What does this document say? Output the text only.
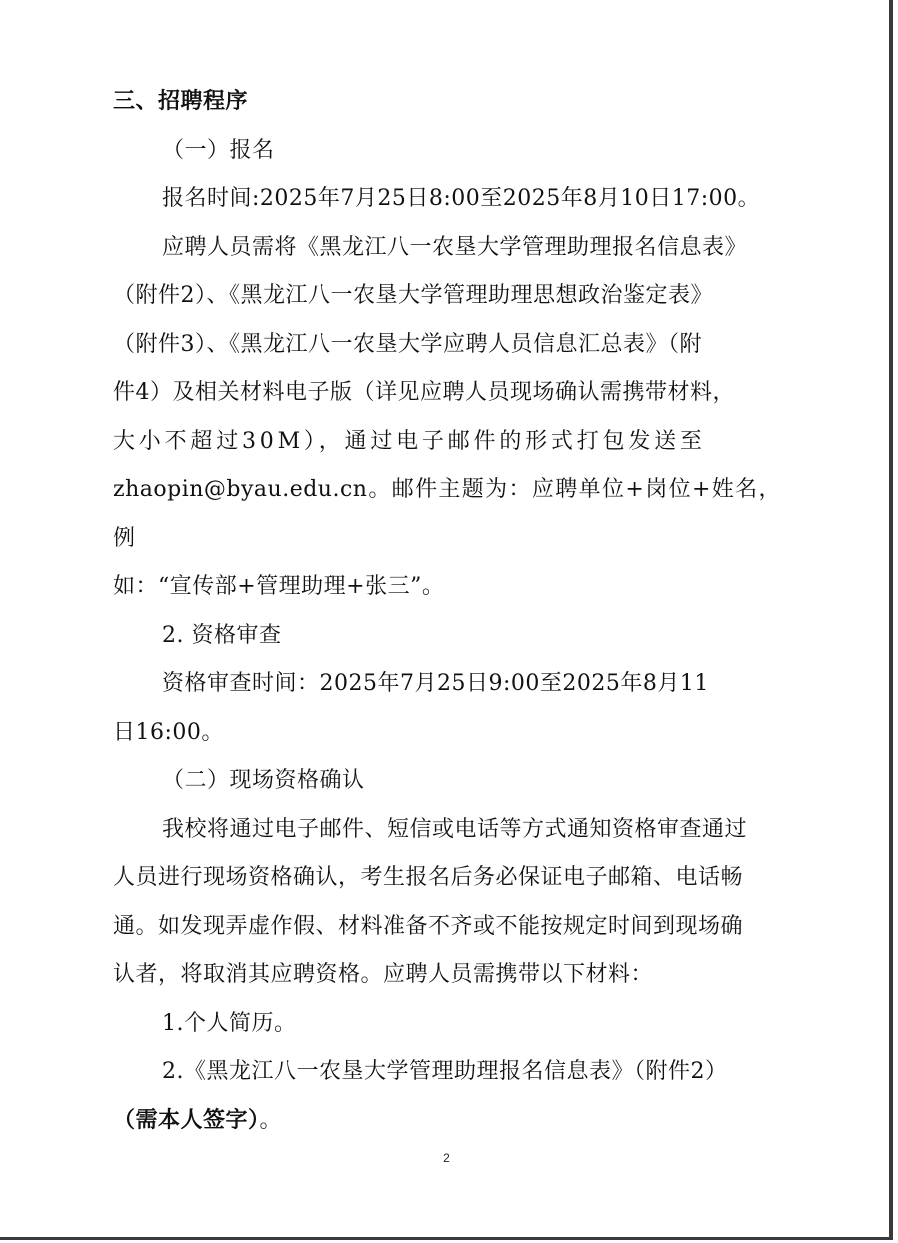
三、招聘程序

（一）报名

报名时间:2025年7月25日8:00至2025年8月10日17:00。

应聘人员需将《黑龙江八一农垦大学管理助理报名信息表》

（附件2）、《黑龙江八一农垦大学管理助理思想政治鉴定表》

（附件3）、《黑龙江八一农垦大学应聘人员信息汇总表》（附

件4）及相关材料电子版（详见应聘人员现场确认需携带材料，

大小不超过30M），通过电子邮件的形式打包发送至

zhaopin@byau.edu.cn。邮件主题为：应聘单位+岗位+姓名，例

如：“宣传部+管理助理+张三”。

2. 资格审查

资格审查时间：2025年7月25日9:00至2025年8月11

日16:00。

（二）现场资格确认

我校将通过电子邮件、短信或电话等方式通知资格审查通过

人员进行现场资格确认，考生报名后务必保证电子邮箱、电话畅

通。如发现弄虚作假、材料准备不齐或不能按规定时间到现场确

认者，将取消其应聘资格。应聘人员需携带以下材料：

1.个人简历。

2.《黑龙江八一农垦大学管理助理报名信息表》（附件2）

（需本人签字）。

2
